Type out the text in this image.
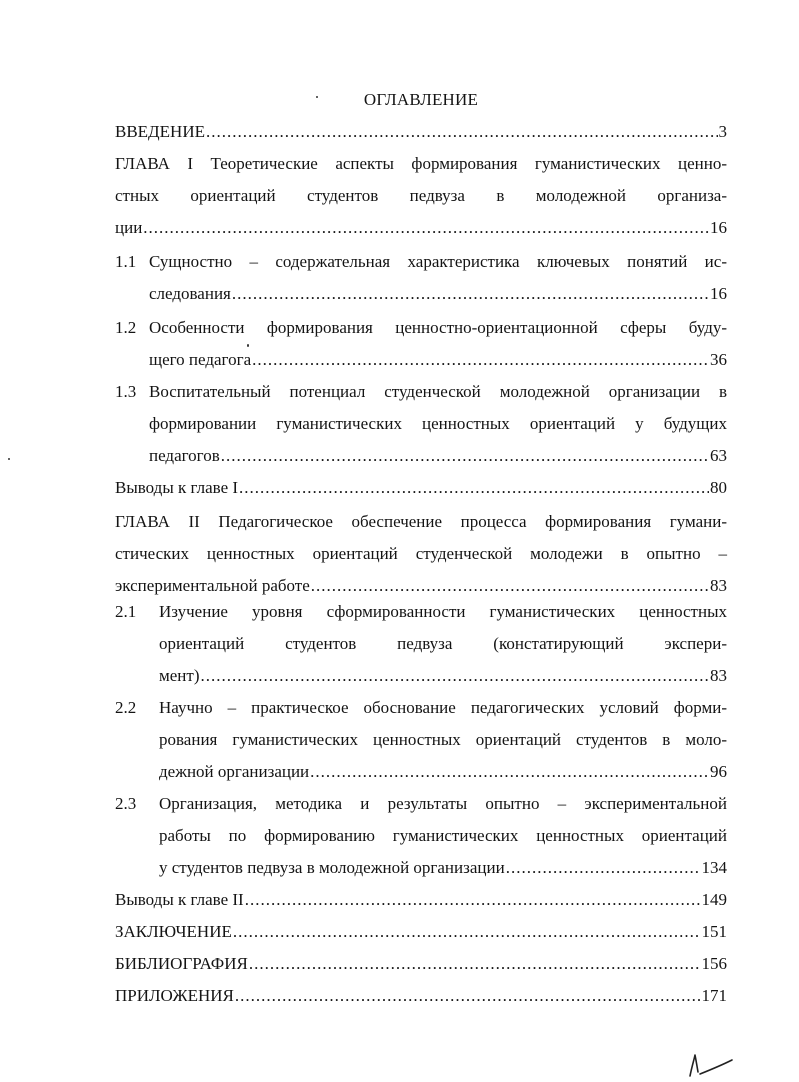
ОГЛАВЛЕНИЕ
ВВЕДЕНИЕ .....	3
ГЛАВА I Теоретические аспекты формирования гуманистических ценно-
стных ориентаций студентов педвуза в молодежной организа-
ции .....	16
1.1 Сущностно – содержательная характеристика ключевых понятий ис-
следования .....	16
1.2 Особенности формирования ценностно-ориентационной сферы буду-
щего педагога .....	36
1.3 Воспитательный потенциал студенческой молодежной организации в
формировании гуманистических ценностных ориентаций у будущих
педагогов .....	63
Выводы к главе I .....	80
ГЛАВА II Педагогическое обеспечение процесса формирования гумани-
стических ценностных ориентаций студенческой молодежи в опытно –
экспериментальной работе .....	83
2.1 Изучение уровня сформированности гуманистических ценностных
ориентаций студентов педвуза (констатирующий экспери-
мент) .....	83
2.2 Научно – практическое обоснование педагогических условий форми-
рования гуманистических ценностных ориентаций студентов в моло-
дежной организации .....	96
2.3 Организация, методика и результаты опытно – экспериментальной
работы по формированию гуманистических ценностных ориентаций
у студентов педвуза в молодежной организации .....	134
Выводы к главе II .....	149
ЗАКЛЮЧЕНИЕ .....	151
БИБЛИОГРАФИЯ .....	156
ПРИЛОЖЕНИЯ .....	171
